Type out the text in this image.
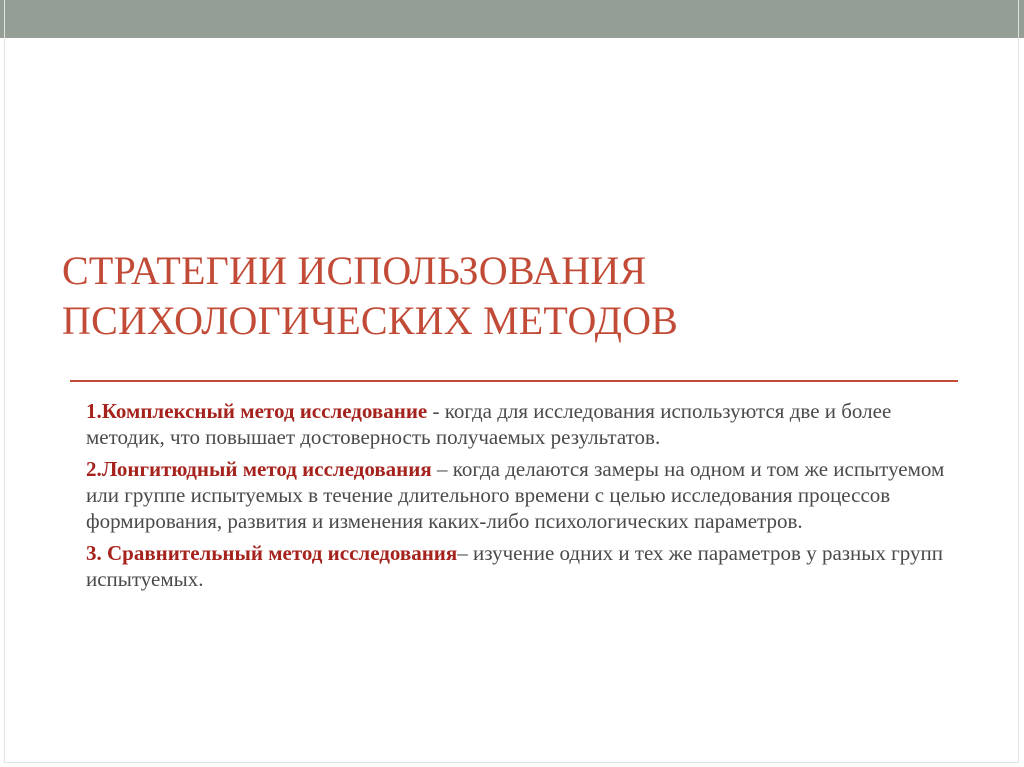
СТРАТЕГИИ ИСПОЛЬЗОВАНИЯ
ПСИХОЛОГИЧЕСКИХ МЕТОДОВ

1.Комплексный метод исследование - когда для исследования используются две и более методик, что повышает достоверность получаемых результатов.

2.Лонгитюдный метод исследования – когда делаются замеры на одном и том же испытуемом или группе испытуемых в течение длительного времени с целью исследования процессов формирования, развития и изменения каких-либо психологических параметров.

3. Сравнительный метод исследования– изучение одних и тех же параметров у разных групп испытуемых.
